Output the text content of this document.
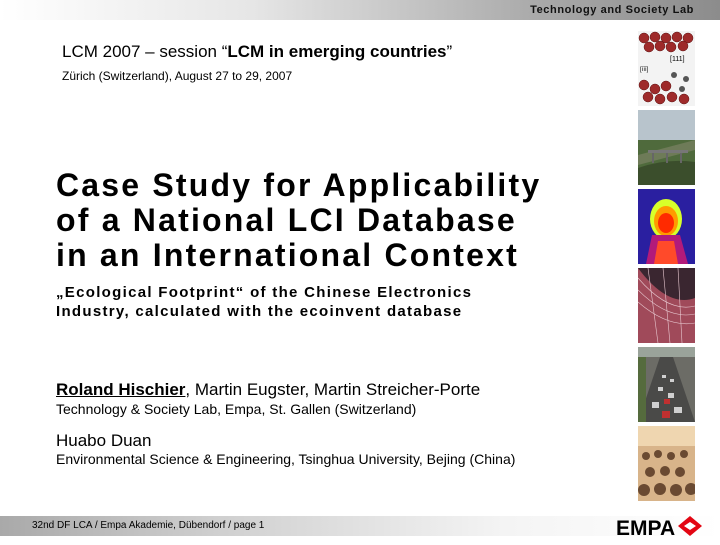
Technology and Society Lab
LCM 2007 – session “LCM in emerging countries”
Zürich (Switzerland), August 27 to 29, 2007
Case Study for Applicability
of a National LCI Database
in an International Context
„Ecological Footprint“ of the Chinese Electronics
Industry, calculated with the ecoinvent database
Roland Hischier, Martin Eugster, Martin Streicher-Porte
Technology & Society Lab, Empa, St. Gallen (Switzerland)
Huabo Duan
Environmental Science & Engineering, Tsinghua University, Bejing (China)
[111]
[īīī]
32nd DF LCA / Empa Akademie, Dübendorf / page 1	EMPA
